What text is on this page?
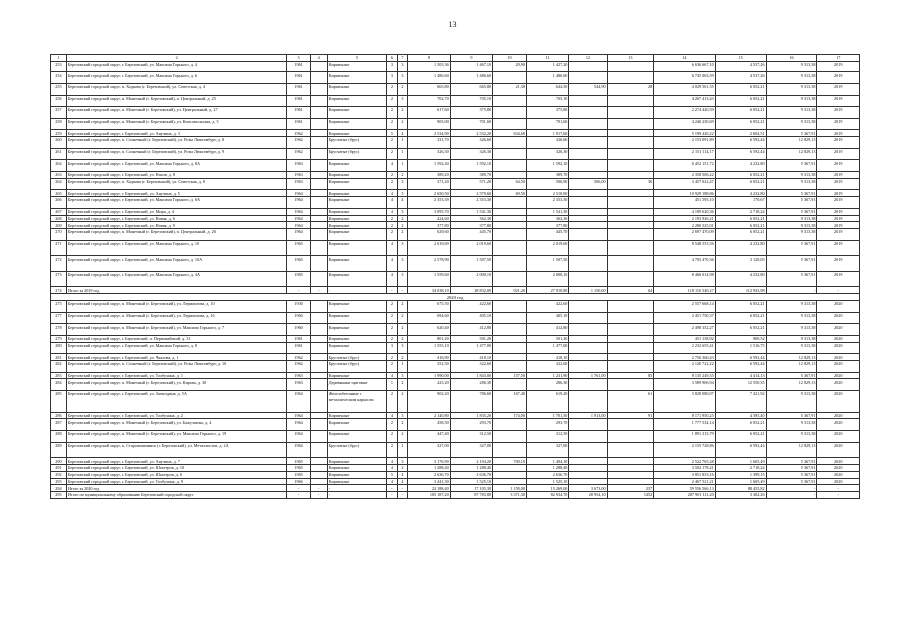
13
1	2	3	4	5	6	7	8	9	10	11	12	13	14	15	16	17
253	Березовский городской округ, г. Березовский, ул. Максима Горького, д. 4	1961		Кирпичные	3	3	1 505,36	1 467,10	29,90	1 427,20			6 636 667,10	4 537,26	9 313,38	2019
254	Березовский городской округ, г. Березовский, ул. Максима Горького, д. 6	1961		Кирпичные	3	3	1 486,60	1 486,60		1 486,60			6 745 063,59	4 537,26	9 313,38	2019
255	Березовский городской округ, п. Ходкова (г. Березовский), ул. Советская, д. 4	1961		Кирпичные	2	2	665,80	665,80	21,30	644,50	544,90	28	4 029 561,55	6 052,21	9 313,38	2019
256	Березовский городской округ, п. Монетный (г. Березовский), п. Центральный, д. 25	1961		Кирпичные	2	3	702,70	705,10		705,10			4 267 413,43	6 052,21	9 313,38	2019
257	Березовский городской округ, п. Монетный (г. Березовский), ул. Центральный, д. 27	1961		Кирпичные	2	2	617,60	375,80		375,80			2 274 420,59	6 052,21	9 313,38	2019
258	Березовский городской округ, п. Монетный (г. Березовский), ул. Комсомольская, д. 5	1961		Кирпичные	2	2	905,00	701,60		701,60			4 246 230,69	6 052,21	9 313,38	2019
259	Березовский городской округ, г. Березовский, ул. Анучина, д. 3	1962		Кирпичные	5	4	2 534,90	2 532,20	634,60	1 917,60			5 199 420,22	2 604,51	5 367,91	2019
260	Березовский городской округ, п. Солнечный (г. Березовский), ул. Розы Люксембург, д. 8	1962		Брусчатые (брус)	2	1	331,70	326,60		326,60			2 153 091,89	6 592,44	12 829,13	2019
261	Березовский городской округ, п. Солнечный (г. Березовский), ул. Розы Люксембург, д. 9	1962		Брусчатые (брус)	2	1	326,30	326,30		326,30			2 151 114,17	6 592,44	12 829,13	2019
262	Березовский городской округ, г. Березовский, ул. Максима Горького, д. 8А	1963		Кирпичные	4	1	1 592,40	1 592,10		1 592,10			6 452 151,72	4 232,80	5 367,91	2019
263	Березовский городской округ, г. Березовский, ул. Нахов, д. 8	1963		Кирпичные	2	2	389,20	389,70		389,70			2 358 506,22	6 052,21	9 313,38	2019
264	Березовский городской округ, п. Ходкова (г. Березовский), ул. Советская, д. 8	1963		Кирпичные	2	3	371,20	571,20	64,50	506,90	506,00	36	3 457 022,47	6 052,21	9 313,38	2019
265	Березовский городской округ, г. Березовский, ул. Анучина, д. 5	1964		Кирпичные	4	3	2 650,50	2 579,60	69,50	2 510,00			10 929 188,86	4 232,80	5 367,91	2019
266	Березовский городской округ, г. Березовский, ул. Максима Горького, д. 6А	1964		Кирпичные	4	4	2 353,39	2 353,30		2 353,30			451 595,10	170,67	5 367,91	2019
267	Березовский городской округ, г. Березовский, ул. Мира, д. 4	1964		Кирпичные	4	3	3 095,70	1 541,30		1 541,30			4 189 620,36	2 718,24	5 367,91	2019
268	Березовский городской округ, г. Березовский, ул. Новая, д. 6	1964		Кирпичные	2	2	424,60	362,30		362,30			2 193 926,21	6 052,21	9 313,38	2019
269	Березовский городской округ, г. Березовский, ул. Новая, д. 9	1964		Кирпичные	2	2	377,80	377,80		377,80			2 286 525,01	6 052,21	9 313,38	2019
270	Березовский городской округ, п. Монетный (г. Березовский), п. Центральный, д. 26	1964		Кирпичные	2	2	629,60	445,70		445,70			2 697 470,09	6 052,21	9 313,38	2019
271	Березовский городской округ, г. Березовский, ул. Максима Горького, д. 10	1965		Кирпичные	4	3	2 019,69	2 019,60		2 019,60			8 548 553,56	4 232,80	5 367,91	2019
272	Березовский городской округ, г. Березовский, ул. Максима Горького, д. 10А	1965		Кирпичные	4	3	2 578,90	1 507,50		1 507,50			4 703 470,36	3 120,05	5 367,91	2019
273	Березовский городской округ, г. Березовский, ул. Максима Горького, д. 4А	1965		Кирпичные	4	3	1 559,60	2 000,10		2 000,10			8 466 014,98	4 232,80	5 367,91	2019
274	Итого за 2019 год	-	-	-	-	-	34 038,10	28 832,00	921,20	27 910,80	1 150,00	64	118 116 540,27	112 943,98	-	-
2020 год																
275	Березовский городской округ, п. Монетный (г. Березовский), ул. Лермонтова, д. 10	1930		Кирпичные	2	2	675,50	422,60		422,60			2 557 668,14	6 052,21	9 313,38	2020
277	Березовский городской округ, п. Монетный (г. Березовский), ул. Лермонтова, д. 16	1960		Кирпичные	2	2	694,60	405,10		405,10			2 451 750,37	6 052,21	9 313,38	2020
278	Березовский городской округ, п. Монетный (г. Березовский), ул. Максима Горького, д. 7	1960		Кирпичные	2	2	620,40	412,80		412,80			2 498 352,27	6 052,21	9 313,38	2020
279	Березовский городской округ, г. Березовский, п. Первомайский, д. 31	1961		Кирпичные	2	2	801,20	501,20		501,20			451 138,92	900,52	9 313,38	2020
280	Березовский городской округ, г. Березовский, ул. Максима Горького, д. 8	1961		Кирпичные	3	3	1 555,10	1 477,00		1 477,00			2 232 655,41	1 516,75	9 313,38	2020
281	Березовский городской округ, г. Березовский, ул. Чкалова, д. 1	1962		Брусчатые (брус)	2	2	416,90	418,10		418,10			2 756 360,43	6 592,44	12 829,13	2020
282	Березовский городской округ, п. Солнечный (г. Березовский), ул. Розы Люксембург, д. 10	1962		Брусчатые (брус)	2	1	352,50	322,60		322,60			2 126 722,22	6 592,44	12 829,13	2020
283	Березовский городской округ, г. Березовский, ул. Толбухина, д. 1	1963		Кирпичные	4	3	1 990,00	1 843,00	157,50	1 231,90	1 761,00	85	8 135 249,55	4 414,13	5 367,91	2020
284	Березовский городской округ, п. Монетный (г. Березовский), ул. Кирова, д. 30	1963		Деревянные щитовые	1	2	425,20	286,30		286,30			3 589 906,94	12 550,35	12 829,13	2020
285	Березовский городской округ, г. Березовский, ул. Загвоздина, д. 5А	1964		Железобетонные с металлическим каркасом	2	2	902,20	786,60	167,40	619,20		61	3 828 080,07	7 421,92	9 313,38	2020
286	Березовский городской округ, г. Березовский, ул. Толбухина, д. 2	1964		Кирпичные	4	3	2 140,80	1 835,20	174,00	1 701,50	1 913,00	91	8 171 950,25	4 395,40	5 367,91	2020
287	Березовский городской округ, п. Монетный (г. Березовский), ул. Бажуэшена, д. 4	1964		Кирпичные	2	2	458,50	293,70		293,70			1 777 534,14	6 052,21	9 313,38	2020
288	Березовский городской округ, п. Монетный (г. Березовский), ул. Максима Горького, д. 19	1964		Кирпичные	2	2	447,40	312,50		312,50			1 891 315,79	6 052,21	9 313,38	2020
289	Березовский городской округ, п. Старопышминск (г. Березовский), ул. Металлистов, д. 2А	1964		Брусчатые (брус)	2	1	327,00	327,00		327,00			2 155 728,86	6 592,44	12 829,13	2020
290	Березовский городской округ, г. Березовский, ул. Анучина, д. 7	1965		Кирпичные	4	3	3 176,90	2 194,20	700,10	1 494,10			2 522 765,28	1 605,49	5 367,91	2020
291	Березовский городской округ, г. Березовский, ул. Шахтеров, д. 10	1965		Кирпичные	4	2	1 288,40	1 288,40		1 288,40			3 502 178,21	2 718,24	5 367,91	2020
292	Березовский городской округ, г. Березовский, ул. Шахтеров, д. 6	1965		Кирпичные	5	4	2 636,70	2 636,70		2 636,70			3 851 833,16	1 399,15	5 367,91	2020
293	Березовский городской округ, г. Березовский, ул. Толбухина, д. 9	1966		Кирпичные	4	4	3 441,30	1 525,10		1 525,10			2 467 521,21	1 605,49	5 367,91	2020
294	Итого за 2020 год	-	-	-	-	-	22 188,40	17 105,30	1 159,00	15 269,00	3 673,00	237	59 556 566,13	88 455,82	-	-
295	Итого по муниципальному образованию Березовский городской округ	-	-	-	-	-	105 187,20	87 783,80	3 371,30	82 934,70	28 954,10	1452	287 901 111,20	3 302,26	-	-
